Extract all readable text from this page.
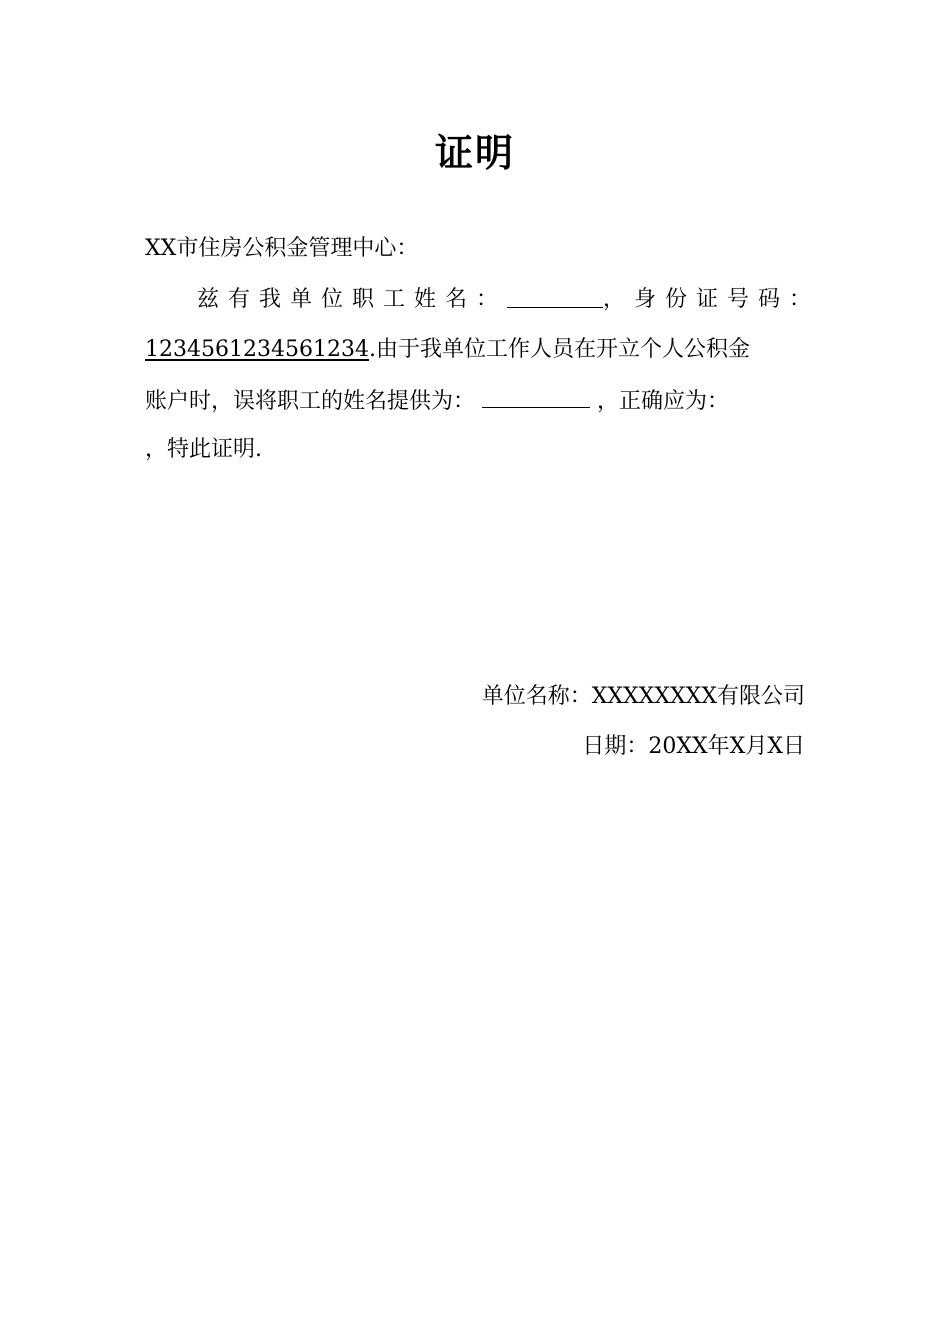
证明
XX市住房公积金管理中心：
兹有我单位职工姓名：	，身份证号码：
1234561234561234.由于我单位工作人员在开立个人公积金
账户时，误将职工的姓名提供为：	，正确应为：
，特此证明.
单位名称：XXXXXXXX有限公司
日期：20XX年X月X日
